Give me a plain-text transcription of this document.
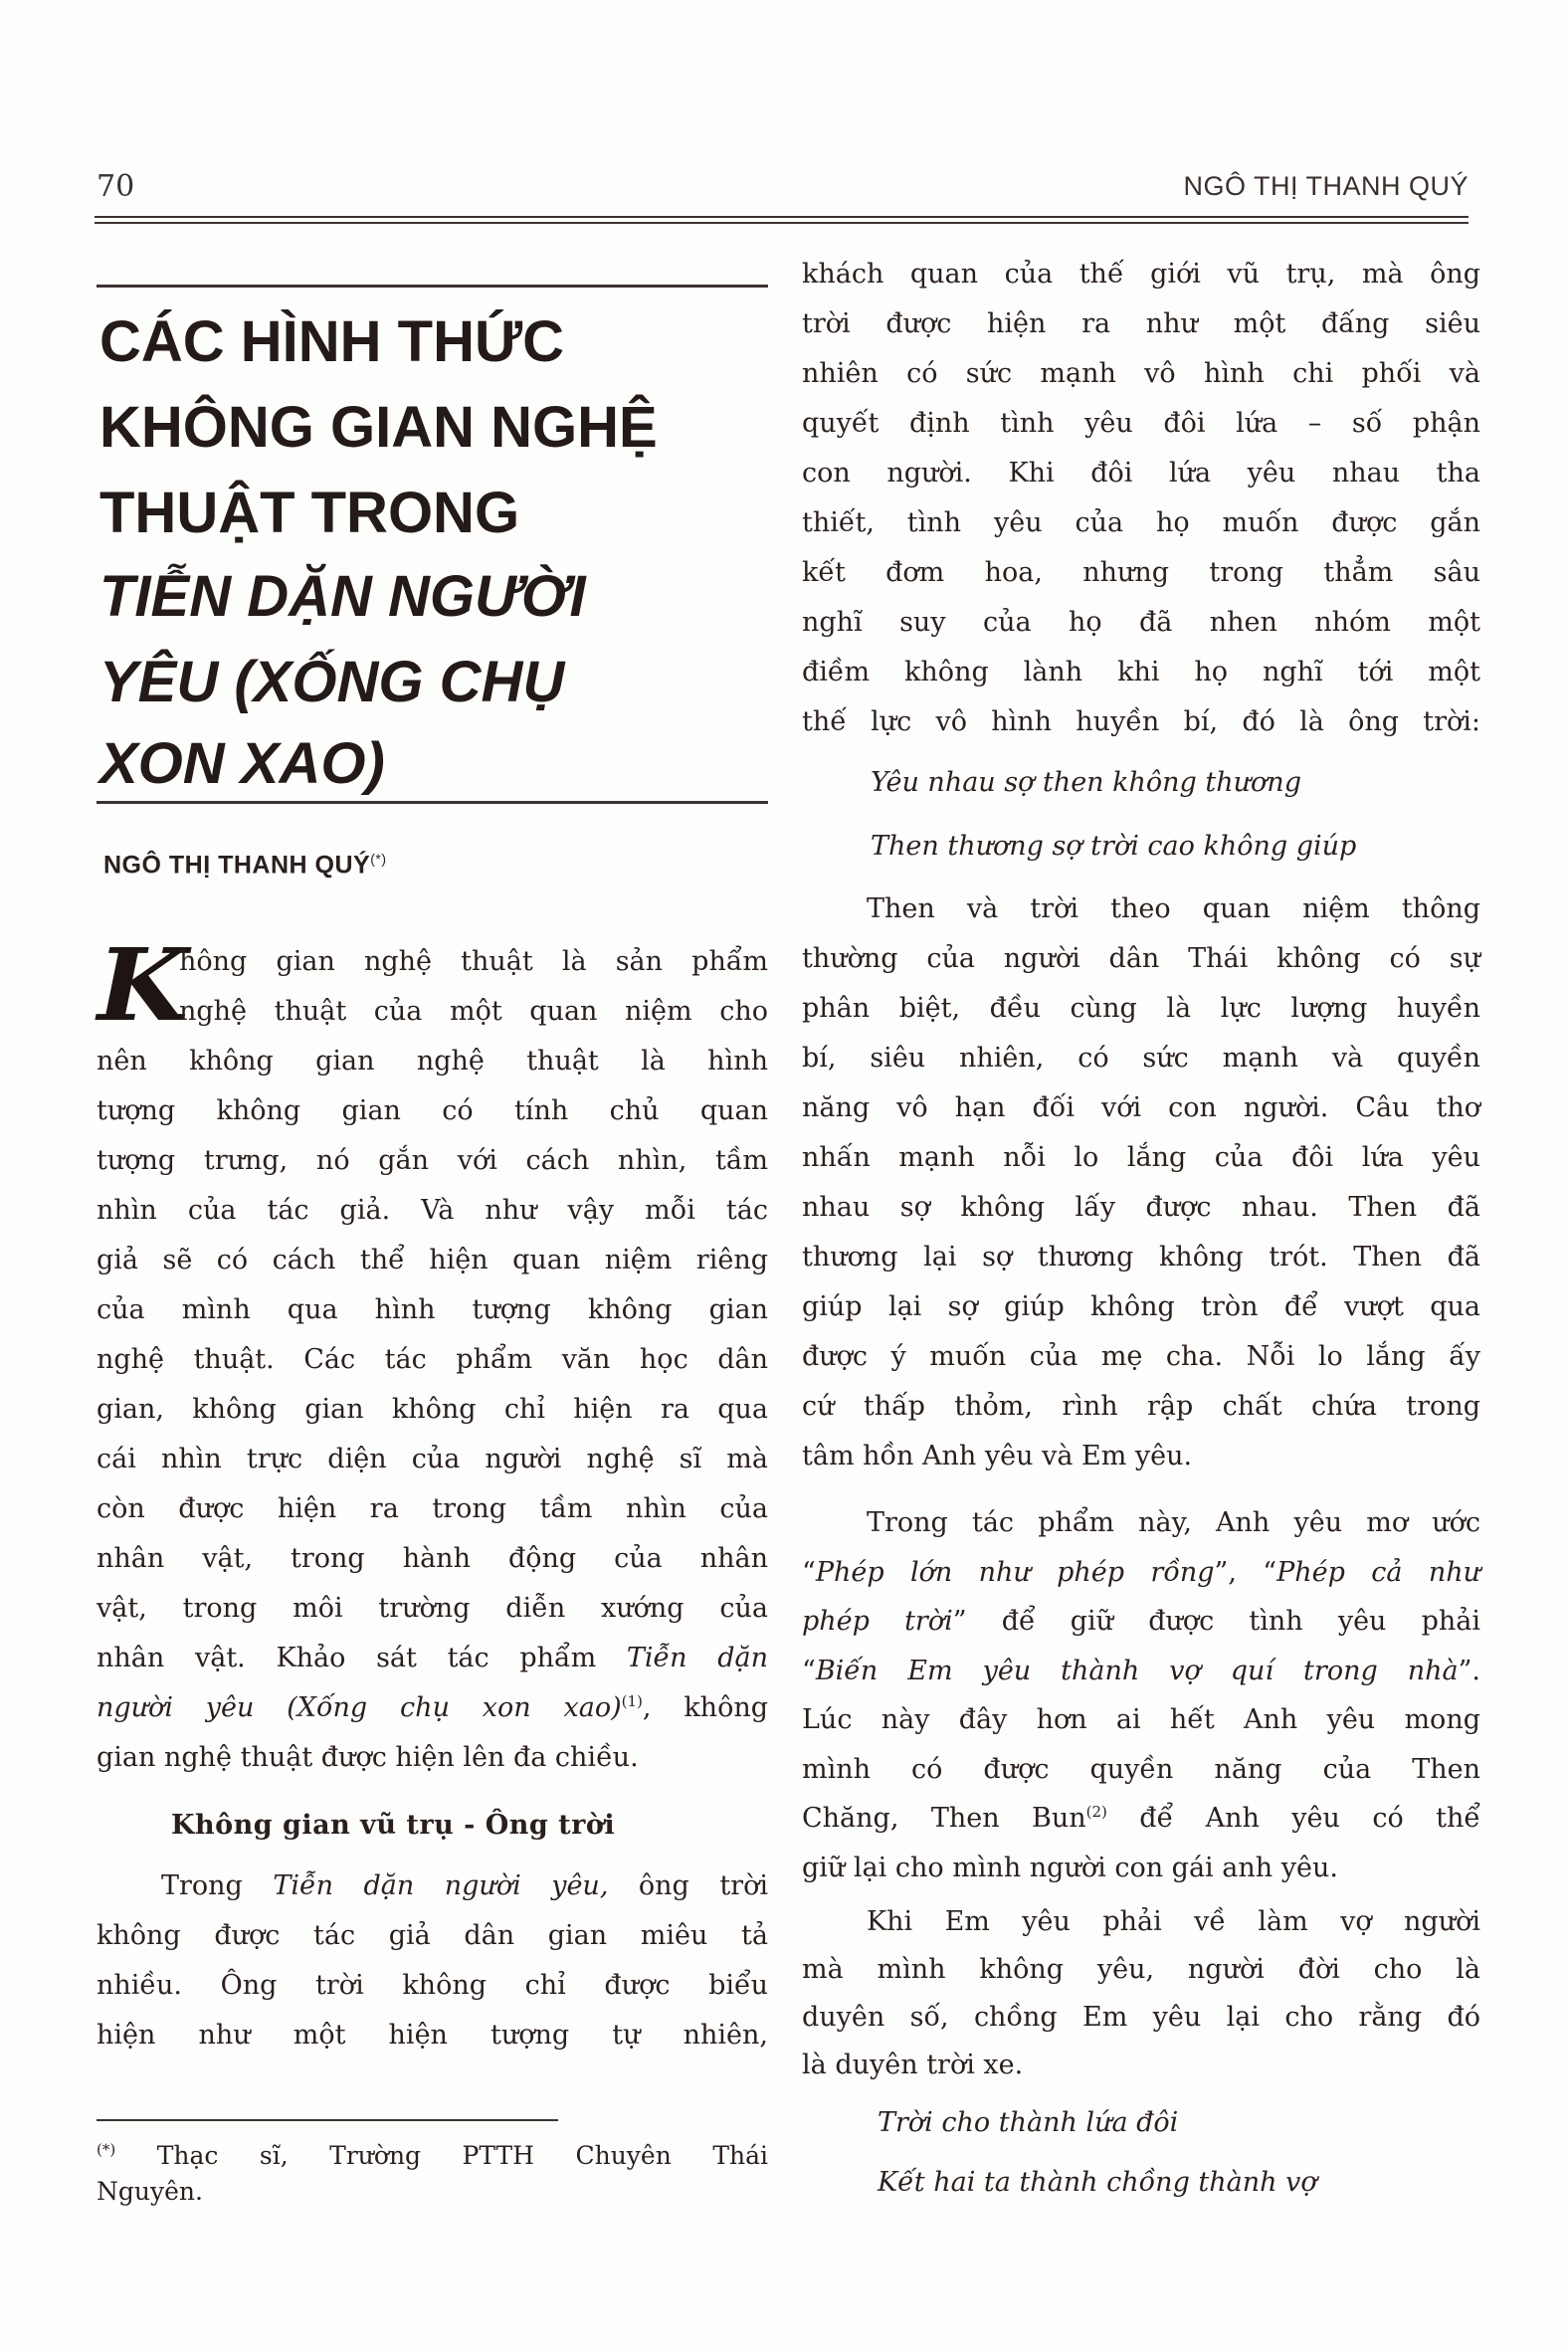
70	NGÔ THỊ THANH QUÝ
CÁC HÌNH THỨC
KHÔNG GIAN NGHỆ
THUẬT TRONG
TIỄN DẶN NGƯỜI
YÊU (XỐNG CHỤ
XON XAO)
NGÔ THỊ THANH QUÝ(*)
K
hông gian nghệ thuật là sản phẩm
nghệ thuật của một quan niệm cho
nên không gian nghệ thuật là hình
tượng không gian có tính chủ quan
tượng trưng, nó gắn với cách nhìn, tầm
nhìn của tác giả. Và như vậy mỗi tác
giả sẽ có cách thể hiện quan niệm riêng
của mình qua hình tượng không gian
nghệ thuật. Các tác phẩm văn học dân
gian, không gian không chỉ hiện ra qua
cái nhìn trực diện của người nghệ sĩ mà
còn được hiện ra trong tầm nhìn của
nhân vật, trong hành động của nhân
vật, trong môi trường diễn xướng của
nhân vật. Khảo sát tác phẩm Tiễn dặn
người yêu (Xống chụ xon xao)$^{(1)}$, không
gian nghệ thuật được hiện lên đa chiều.
Trong Tiễn dặn người yêu, ông trời
không được tác giả dân gian miêu tả
nhiều. Ông trời không chỉ được biểu
hiện như một hiện tượng tự nhiên,
(*) Thạc sĩ, Trường PTTH Chuyên Thái
Nguyên.
Không gian vũ trụ - Ông trời
khách quan của thế giới vũ trụ, mà ông
trời được hiện ra như một đấng siêu
nhiên có sức mạnh vô hình chi phối và
quyết định tình yêu đôi lứa – số phận
con người. Khi đôi lứa yêu nhau tha
thiết, tình yêu của họ muốn được gắn
kết đơm hoa, nhưng trong thẳm sâu
nghĩ suy của họ đã nhen nhóm một
điềm không lành khi họ nghĩ tới một
thế lực vô hình huyền bí, đó là ông trời:
Yêu nhau sợ then không thương
Then thương sợ trời cao không giúp
Then và trời theo quan niệm thông
thường của người dân Thái không có sự
phân biệt, đều cùng là lực lượng huyền
bí, siêu nhiên, có sức mạnh và quyền
năng vô hạn đối với con người. Câu thơ
nhấn mạnh nỗi lo lắng của đôi lứa yêu
nhau sợ không lấy được nhau. Then đã
thương lại sợ thương không trót. Then đã
giúp lại sợ giúp không tròn để vượt qua
được ý muốn của mẹ cha. Nỗi lo lắng ấy
cứ thấp thỏm, rình rập chất chứa trong
tâm hồn Anh yêu và Em yêu.
Trong tác phẩm này, Anh yêu mơ ước
“Phép lớn như phép rồng”, “Phép cả như
phép trời” để giữ được tình yêu phải
“Biến Em yêu thành vợ quí trong nhà”.
Lúc này đây hơn ai hết Anh yêu mong
mình có được quyền năng của Then
Chăng, Then Bun$^{(2)}$ để Anh yêu có thể
giữ lại cho mình người con gái anh yêu.
Khi Em yêu phải về làm vợ người
mà mình không yêu, người đời cho là
duyên số, chồng Em yêu lại cho rằng đó
là duyên trời xe.
Trời cho thành lứa đôi
Kết hai ta thành chồng thành vợ
